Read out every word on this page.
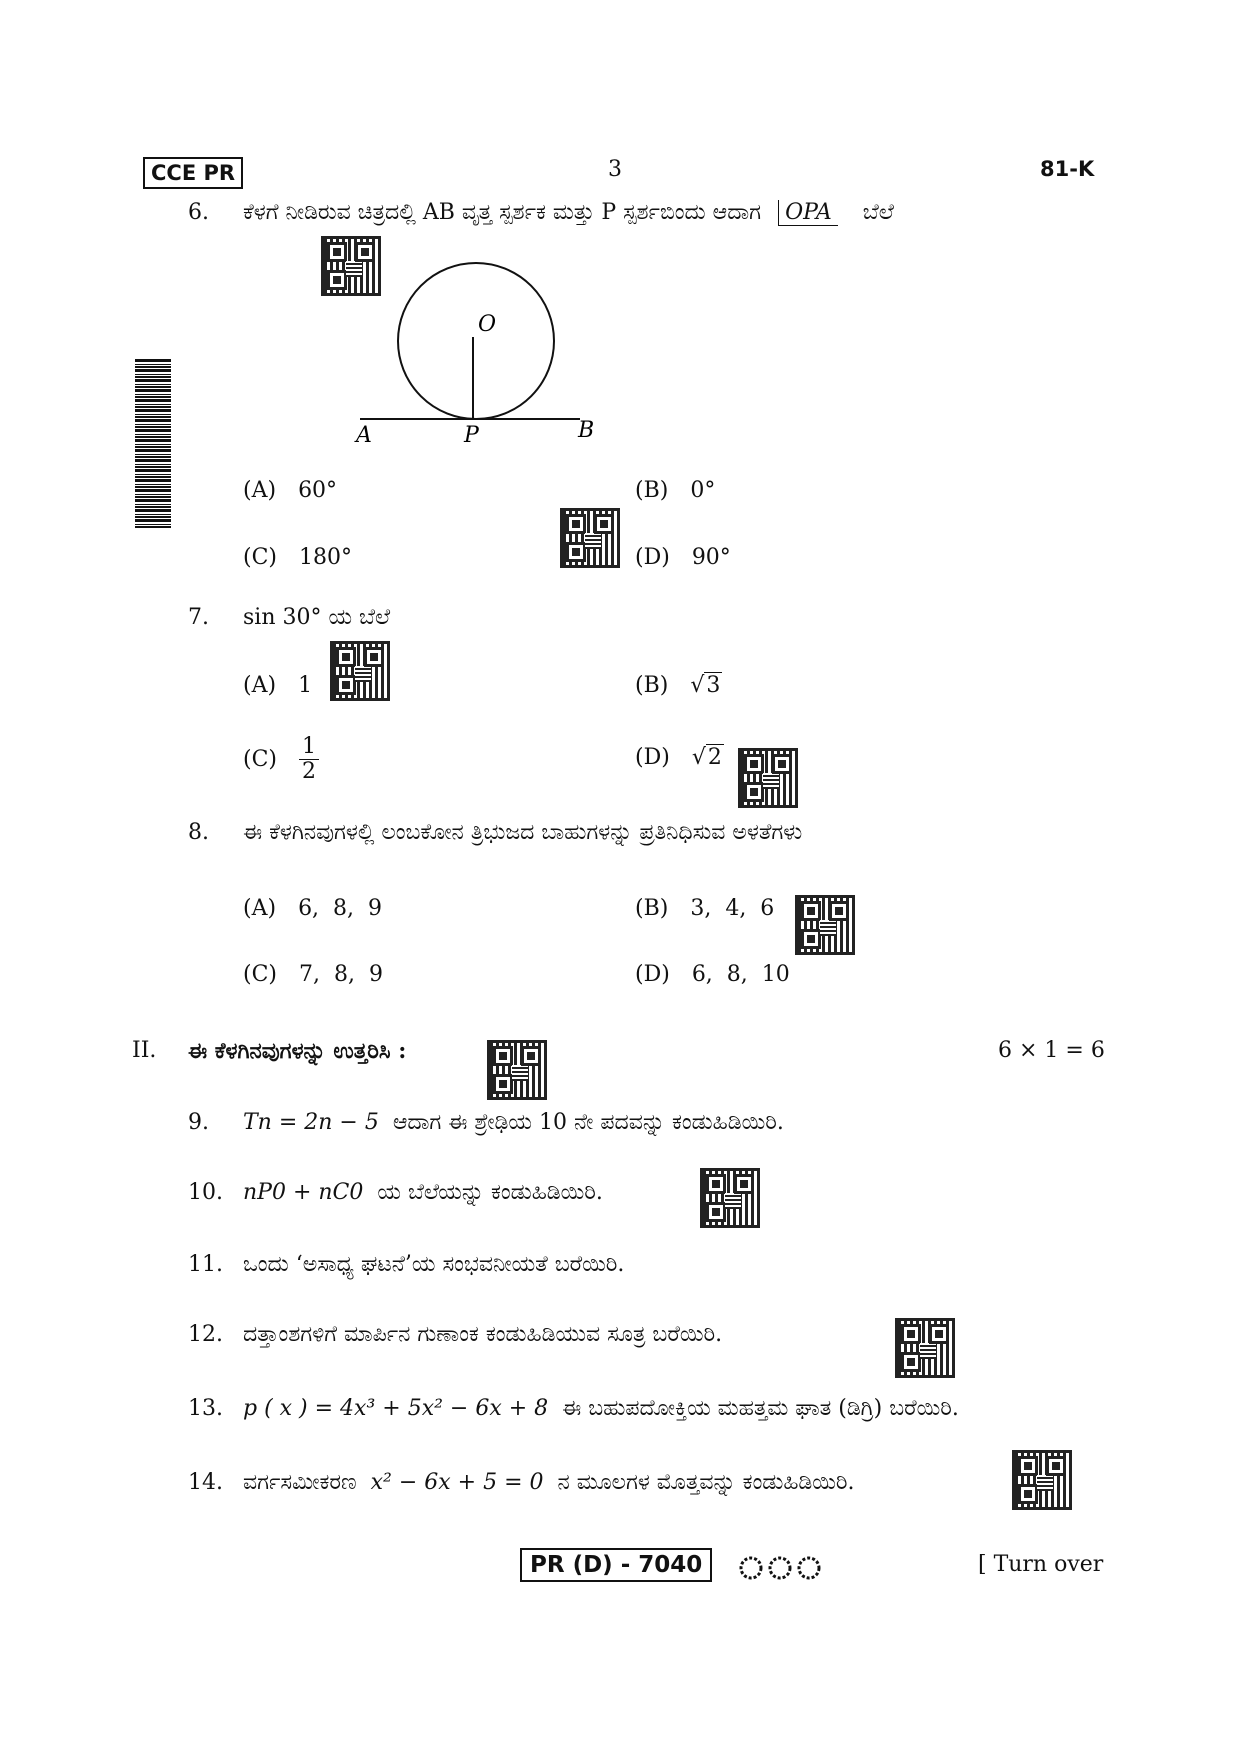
CCE PR	3	81-K
6. ಕೆಳಗೆ ನೀಡಿರುವ ಚಿತ್ರದಲ್ಲಿ AB ವೃತ್ತ ಸ್ಪರ್ಶಕ ಮತ್ತು P ಸ್ಪರ್ಶಬಿಂದು ಆದಾಗ OPA ಬೆಲೆ
O
A	P	B
(A) 60°	(B) 0°
(C) 180°	(D) 90°
7. sin 30° ಯ ಬೆಲೆ
(A) 1	(B) √3
$(C) \frac{1}{2}$	(D) √2
8. ಈ ಕೆಳಗಿನವುಗಳಲ್ಲಿ ಲಂಬಕೋನ ತ್ರಿಭುಜದ ಬಾಹುಗಳನ್ನು ಪ್ರತಿನಿಧಿಸುವ ಅಳತೆಗಳು
(A) 6,  8,  9	(B) 3,  4,  6
(C) 7,  8,  9	(D) 6,  8,  10
II. ಈ ಕೆಳಗಿನವುಗಳನ್ನು ಉತ್ತರಿಸಿ :	6 × 1 = 6
9. Tn = 2n − 5 ಆದಾಗ ಈ ಶ್ರೇಢಿಯ 10 ನೇ ಪದವನ್ನು ಕಂಡುಹಿಡಿಯಿರಿ.
10. nP0 + nC0 ಯ ಬೆಲೆಯನ್ನು ಕಂಡುಹಿಡಿಯಿರಿ.
11. ಒಂದು ‘ಅಸಾಧ್ಯ ಘಟನೆ’ಯ ಸಂಭವನೀಯತೆ ಬರೆಯಿರಿ.
12. ದತ್ತಾಂಶಗಳಿಗೆ ಮಾರ್ಪಿನ ಗುಣಾಂಕ ಕಂಡುಹಿಡಿಯುವ ಸೂತ್ರ ಬರೆಯಿರಿ.
13. p ( x ) = 4x³ + 5x² − 6x + 8 ಈ ಬಹುಪದೋಕ್ತಿಯ ಮಹತ್ತಮ ಘಾತ (ಡಿಗ್ರಿ) ಬರೆಯಿರಿ.
14. ವರ್ಗಸಮೀಕರಣ x² − 6x + 5 = 0 ನ ಮೂಲಗಳ ಮೊತ್ತವನ್ನು ಕಂಡುಹಿಡಿಯಿರಿ.
PR (D) - 7040	[ Turn over
